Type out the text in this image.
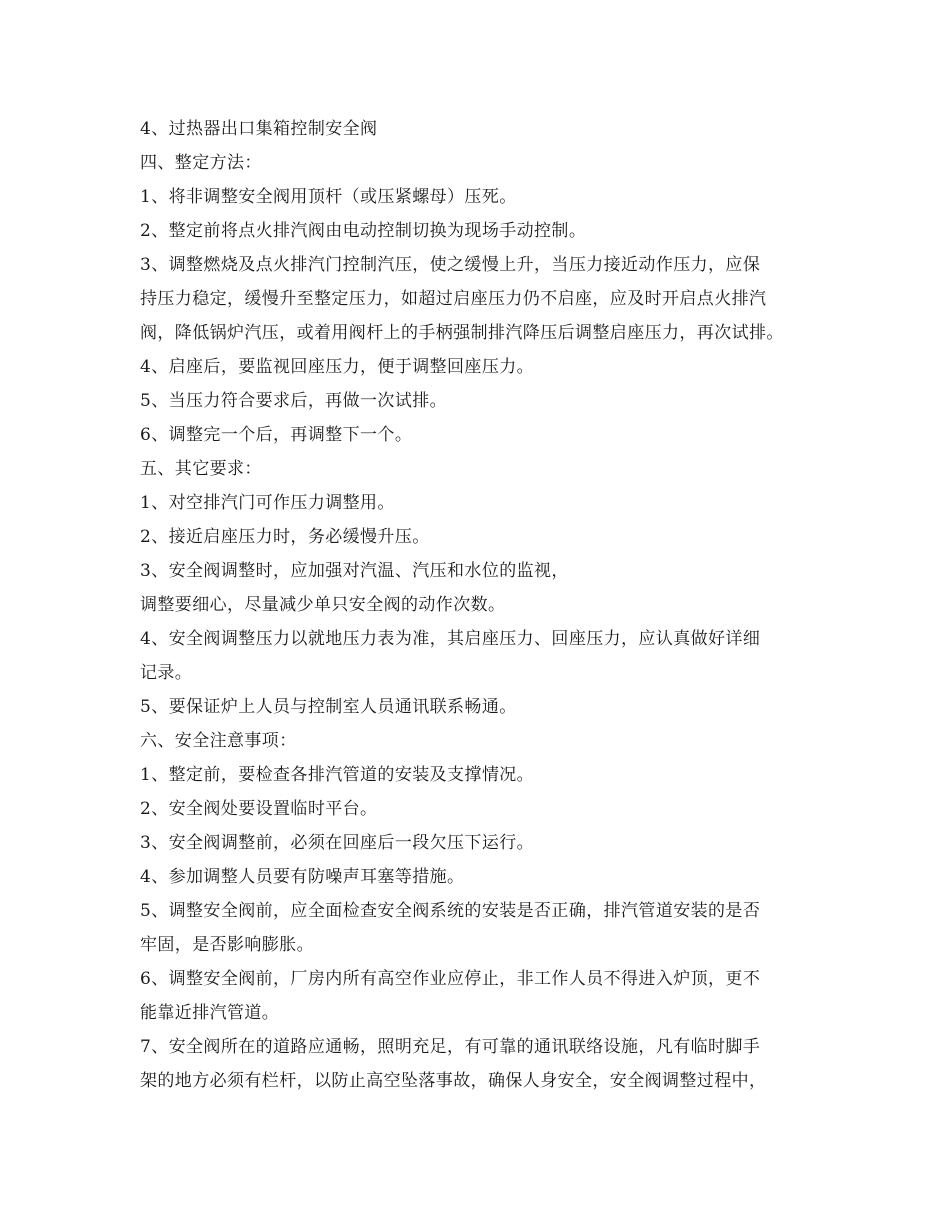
4、过热器出口集箱控制安全阀
四、整定方法：
1、将非调整安全阀用顶杆（或压紧螺母）压死。
2、整定前将点火排汽阀由电动控制切换为现场手动控制。
3、调整燃烧及点火排汽门控制汽压，使之缓慢上升，当压力接近动作压力，应保
持压力稳定，缓慢升至整定压力，如超过启座压力仍不启座，应及时开启点火排汽
阀，降低锅炉汽压，或着用阀杆上的手柄强制排汽降压后调整启座压力，再次试排。
4、启座后，要监视回座压力，便于调整回座压力。
5、当压力符合要求后，再做一次试排。
6、调整完一个后，再调整下一个。
五、其它要求：
1、对空排汽门可作压力调整用。
2、接近启座压力时，务必缓慢升压。
3、安全阀调整时，应加强对汽温、汽压和水位的监视，
调整要细心，尽量减少单只安全阀的动作次数。
4、安全阀调整压力以就地压力表为准，其启座压力、回座压力，应认真做好详细
记录。
5、要保证炉上人员与控制室人员通讯联系畅通。
六、安全注意事项：
1、整定前，要检查各排汽管道的安装及支撑情况。
2、安全阀处要设置临时平台。
3、安全阀调整前，必须在回座后一段欠压下运行。
4、参加调整人员要有防噪声耳塞等措施。
5、调整安全阀前，应全面检查安全阀系统的安装是否正确，排汽管道安装的是否
牢固，是否影响膨胀。
6、调整安全阀前，厂房内所有高空作业应停止，非工作人员不得进入炉顶，更不
能靠近排汽管道。
7、安全阀所在的道路应通畅，照明充足，有可靠的通讯联络设施，凡有临时脚手
架的地方必须有栏杆，以防止高空坠落事故，确保人身安全，安全阀调整过程中，
